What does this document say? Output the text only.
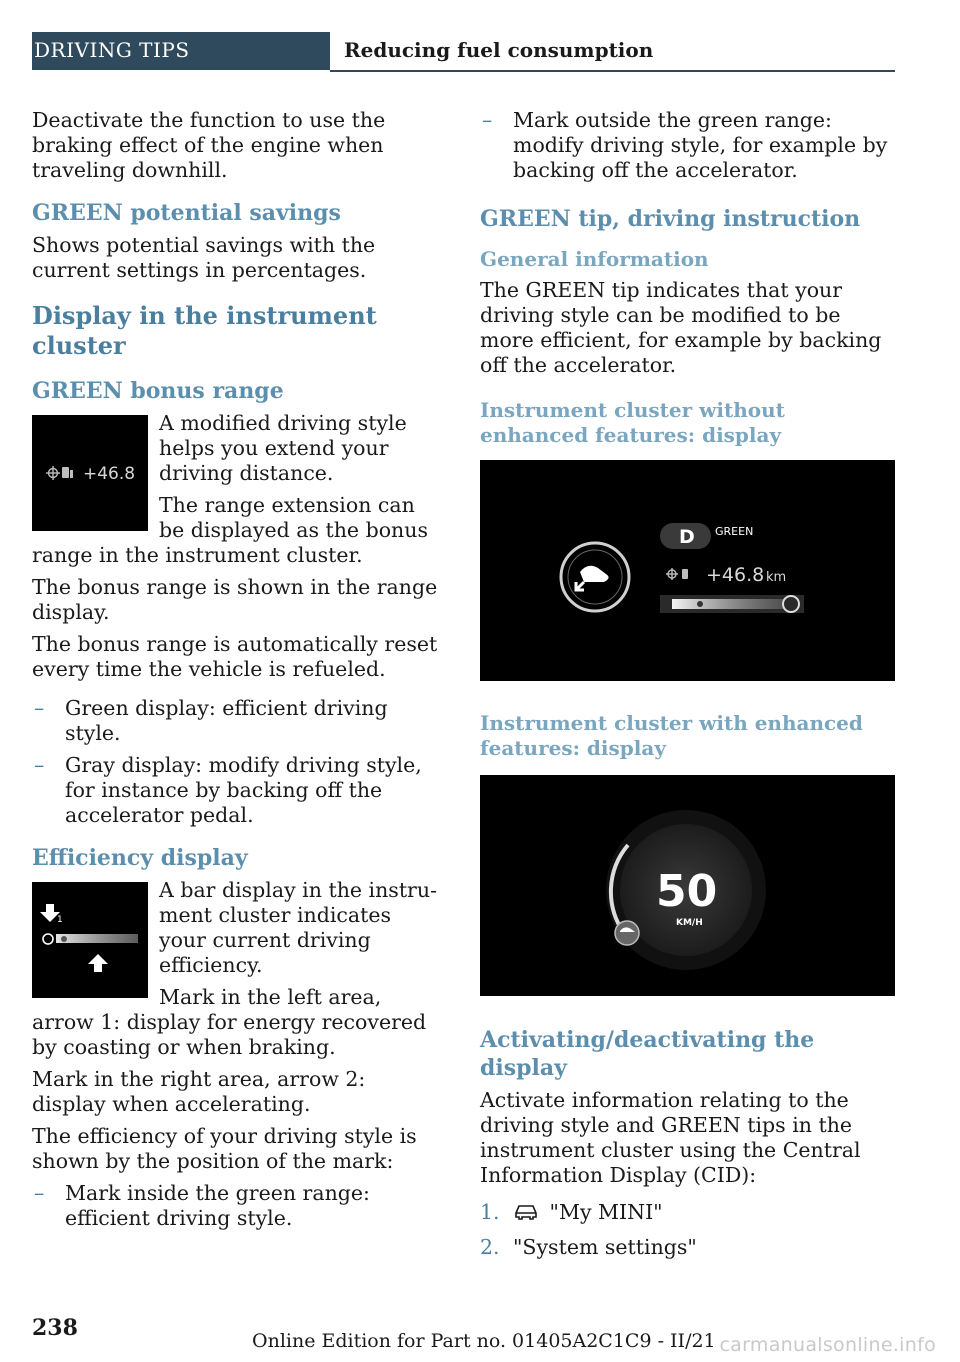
DRIVING TIPS	Reducing fuel consumption

Deactivate the function to use the braking effect of the engine when traveling downhill.

GREEN potential savings

Shows potential savings with the current settings in percentages.

Display in the instrument cluster
GREEN bonus range
+46.8

A modified driving style helps you extend your driving distance.

The range extension can be displayed as the bonus range in the instrument cluster.

The bonus range is shown in the range display.

The bonus range is automatically reset every time the vehicle is refueled.

– Green display: efficient driving style.
– Gray display: modify driving style, for instance by backing off the accelerator pedal.
Efficiency display
1
2

A bar display in the instrument cluster indicates your current driving efficiency.

Mark in the left area, arrow 1: display for energy recovered by coasting or when braking.

Mark in the right area, arrow 2: display when accelerating.

The efficiency of your driving style is shown by the position of the mark:

– Mark inside the green range: efficient driving style.
– Mark outside the green range: modify driving style, for example by backing off the accelerator.
GREEN tip, driving instruction
General information

The GREEN tip indicates that your driving style can be modified to be more efficient, for example by backing off the accelerator.

Instrument cluster without enhanced features: display
D GREEN
+46.8 km
Instrument cluster with enhanced features: display
50
KM/H
Activating/deactivating the display

Activate information relating to the driving style and GREEN tips in the instrument cluster using the Central Information Display (CID):

1. "My MINI"
2. "System settings"
238	Online Edition for Part no. 01405A2C1C9 - II/21 carmanualsonline.info
